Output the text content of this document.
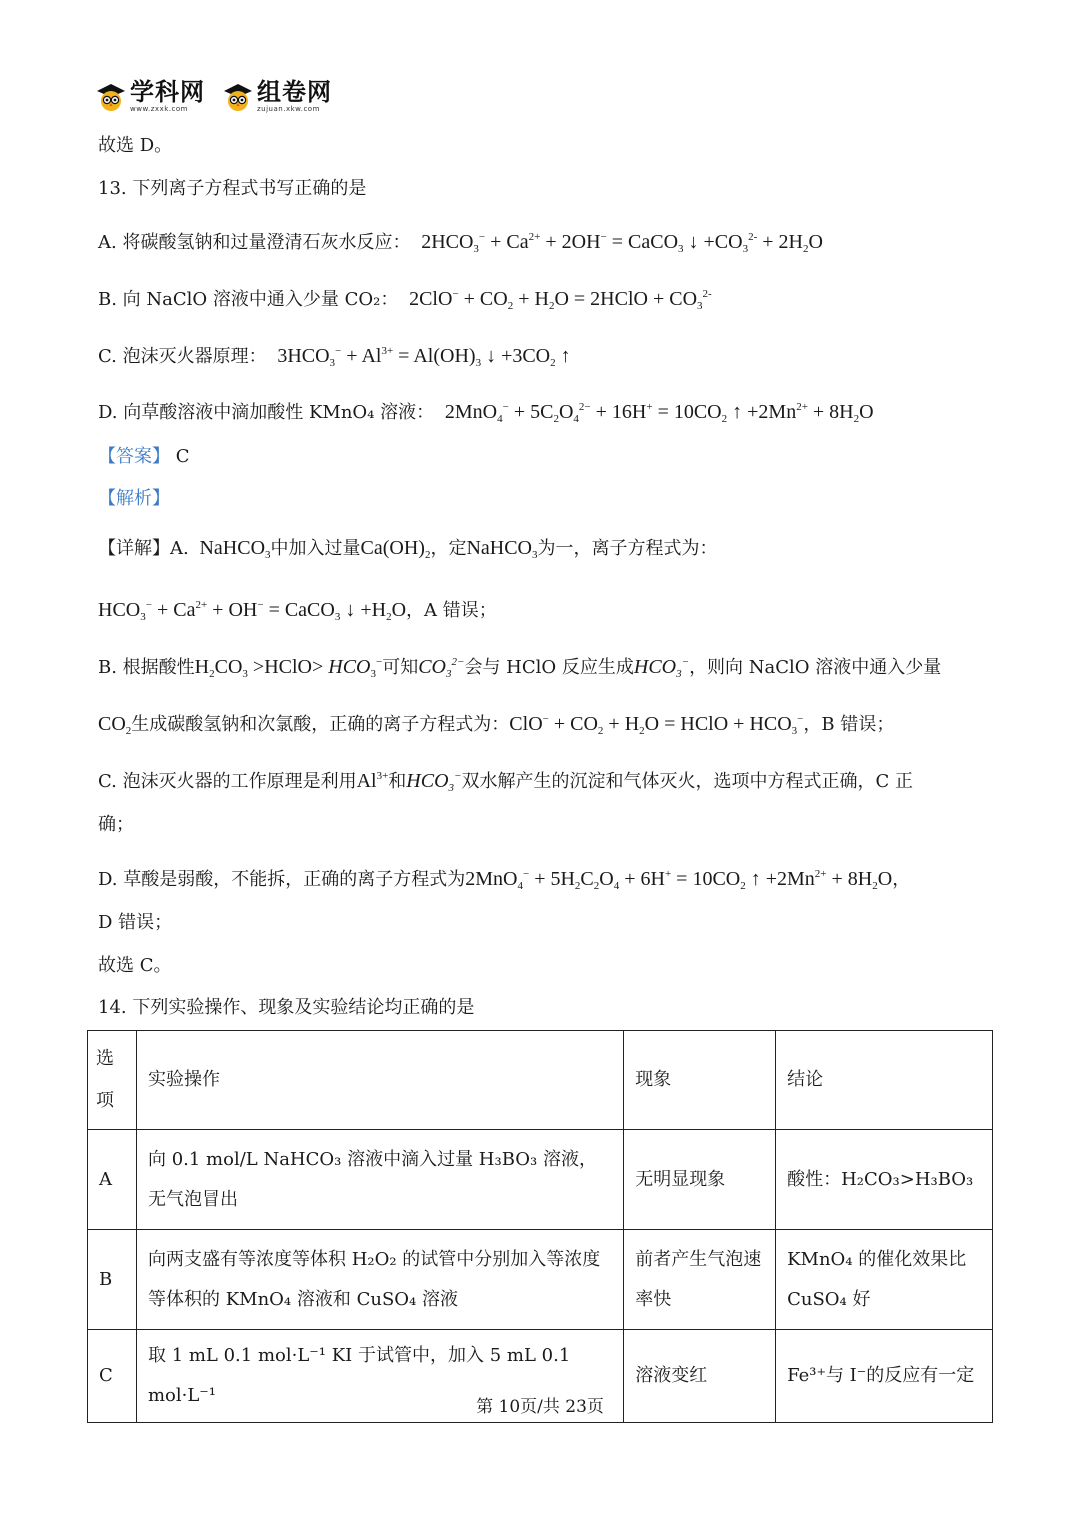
学科网
www.zxxk.com
组卷网
zujuan.xkw.com
故选 D。
13. 下列离子方程式书写正确的是
A. 将碳酸氢钠和过量澄清石灰水反应：  $2HCO_3^- + Ca^{2+} + 2OH^-$ = CaCO$_3$ ↓ $+CO_3^{2-} + 2H_2O$
B. 向 NaClO 溶液中通入少量 CO₂：  $2ClO^- + CO_2 + H_2O$ = 2HClO + $CO_3^{2-}$
C. 泡沫灭火器原理：  $3HCO_3^- + Al^{3+} = Al(OH)_3$ ↓ $+3CO_2$ ↑
D. 向草酸溶液中滴加酸性 KMnO₄ 溶液：  $2MnO_4^- + 5C_2O_4^{2-} + 16H^+ = 10CO_2$ ↑ $+2Mn^{2+} + 8H_2O$
【答案】 C
【解析】
【详解】A.  NaHCO$_3$中加入过量$Ca(OH)_2$，定NaHCO$_3$为一，离子方程式为：
$HCO_3^- + Ca^{2+} + OH^-$ = CaCO$_3$ ↓ $+H_2O$，A 错误；
B. 根据酸性$H_2CO_3$ >HClO> $HCO_3^-$可知$CO_3^{2-}$会与 HClO 反应生成$HCO_3^-$，则向 NaClO 溶液中通入少量
$CO_2$生成碳酸氢钠和次氯酸，正确的离子方程式为：$ClO^- + CO_2 + H_2O$ = HClO + $HCO_3^-$，B 错误；
C. 泡沫灭火器的工作原理是利用$Al^{3+}$和$HCO_3^-$双水解产生的沉淀和气体灭火，选项中方程式正确，C 正
确；
D. 草酸是弱酸，不能拆，正确的离子方程式为$2MnO_4^- + 5H_2C_2O_4 + 6H^+ = 10CO_2$ ↑ $+2Mn^{2+} + 8H_2O$，
D 错误；
故选 C。
14. 下列实验操作、现象及实验结论均正确的是
选项	实验操作	现象	结论
A	向 0.1 mol/L NaHCO₃ 溶液中滴入过量 H₃BO₃ 溶液，无气泡冒出	无明显现象	酸性：H₂CO₃>H₃BO₃
B	向两支盛有等浓度等体积 H₂O₂ 的试管中分别加入等浓度等体积的 KMnO₄ 溶液和 CuSO₄ 溶液	前者产生气泡速率快	KMnO₄ 的催化效果比 CuSO₄ 好
C	取 1 mL 0.1 mol·L⁻¹ KI 于试管中，加入 5 mL 0.1 mol·L⁻¹	溶液变红	Fe³⁺与 I⁻的反应有一定
第 10页/共 23页
